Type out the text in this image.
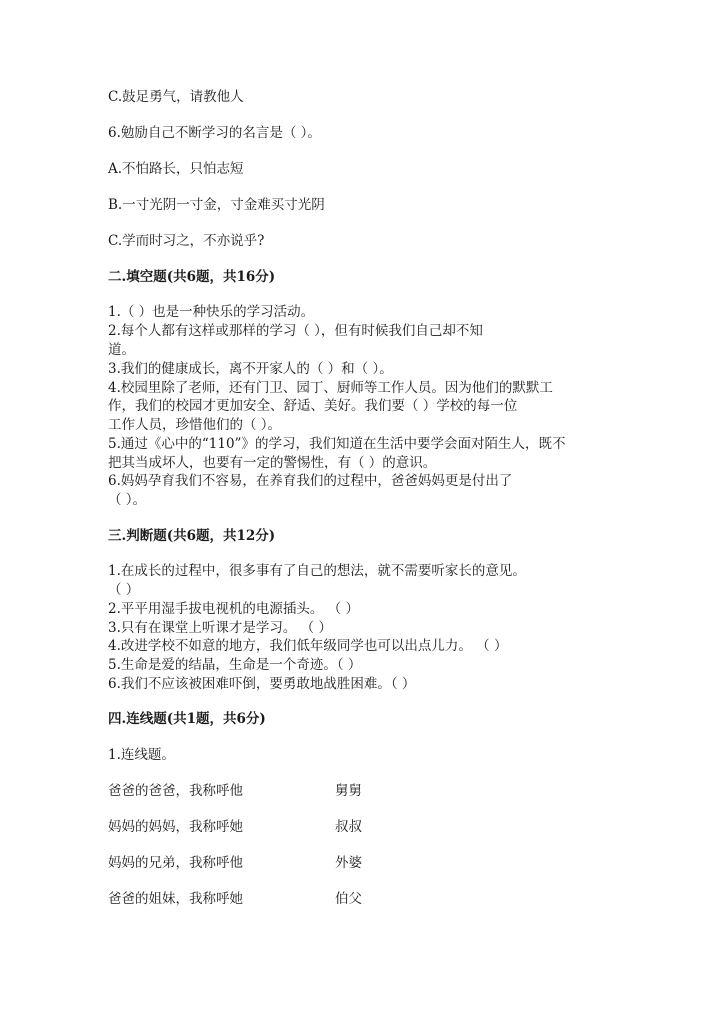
C.鼓足勇气，请教他人
6.勉励自己不断学习的名言是（ ）。
A.不怕路长，只怕志短
B.一寸光阴一寸金，寸金难买寸光阴
C.学而时习之，不亦说乎?
二.填空题(共6题，共16分)
1.（ ）也是一种快乐的学习活动。
2.每个人都有这样或那样的学习（ ），但有时候我们自己却不知
道。
3.我们的健康成长，离不开家人的（ ）和（ ）。
4.校园里除了老师，还有门卫、园丁、厨师等工作人员。因为他们的默默工
作，我们的校园才更加安全、舒适、美好。我们要（ ）学校的每一位
工作人员，珍惜他们的（ ）。
5.通过《心中的“110”》的学习，我们知道在生活中要学会面对陌生人，既不
把其当成坏人，也要有一定的警惕性，有（ ）的意识。
6.妈妈孕育我们不容易，在养育我们的过程中，爸爸妈妈更是付出了
（ ）。
三.判断题(共6题，共12分)
1.在成长的过程中，很多事有了自己的想法，就不需要听家长的意见。
（ ）
2.平平用湿手拔电视机的电源插头。 （ ）
3.只有在课堂上听课才是学习。 （ ）
4.改进学校不如意的地方，我们低年级同学也可以出点儿力。 （ ）
5.生命是爱的结晶，生命是一个奇迹。（ ）
6.我们不应该被困难吓倒，要勇敢地战胜困难。（ ）
四.连线题(共1题，共6分)
1.连线题。
爸爸的爸爸，我称呼他	舅舅
妈妈的妈妈，我称呼她	叔叔
妈妈的兄弟，我称呼他	外婆
爸爸的姐妹，我称呼她	伯父
